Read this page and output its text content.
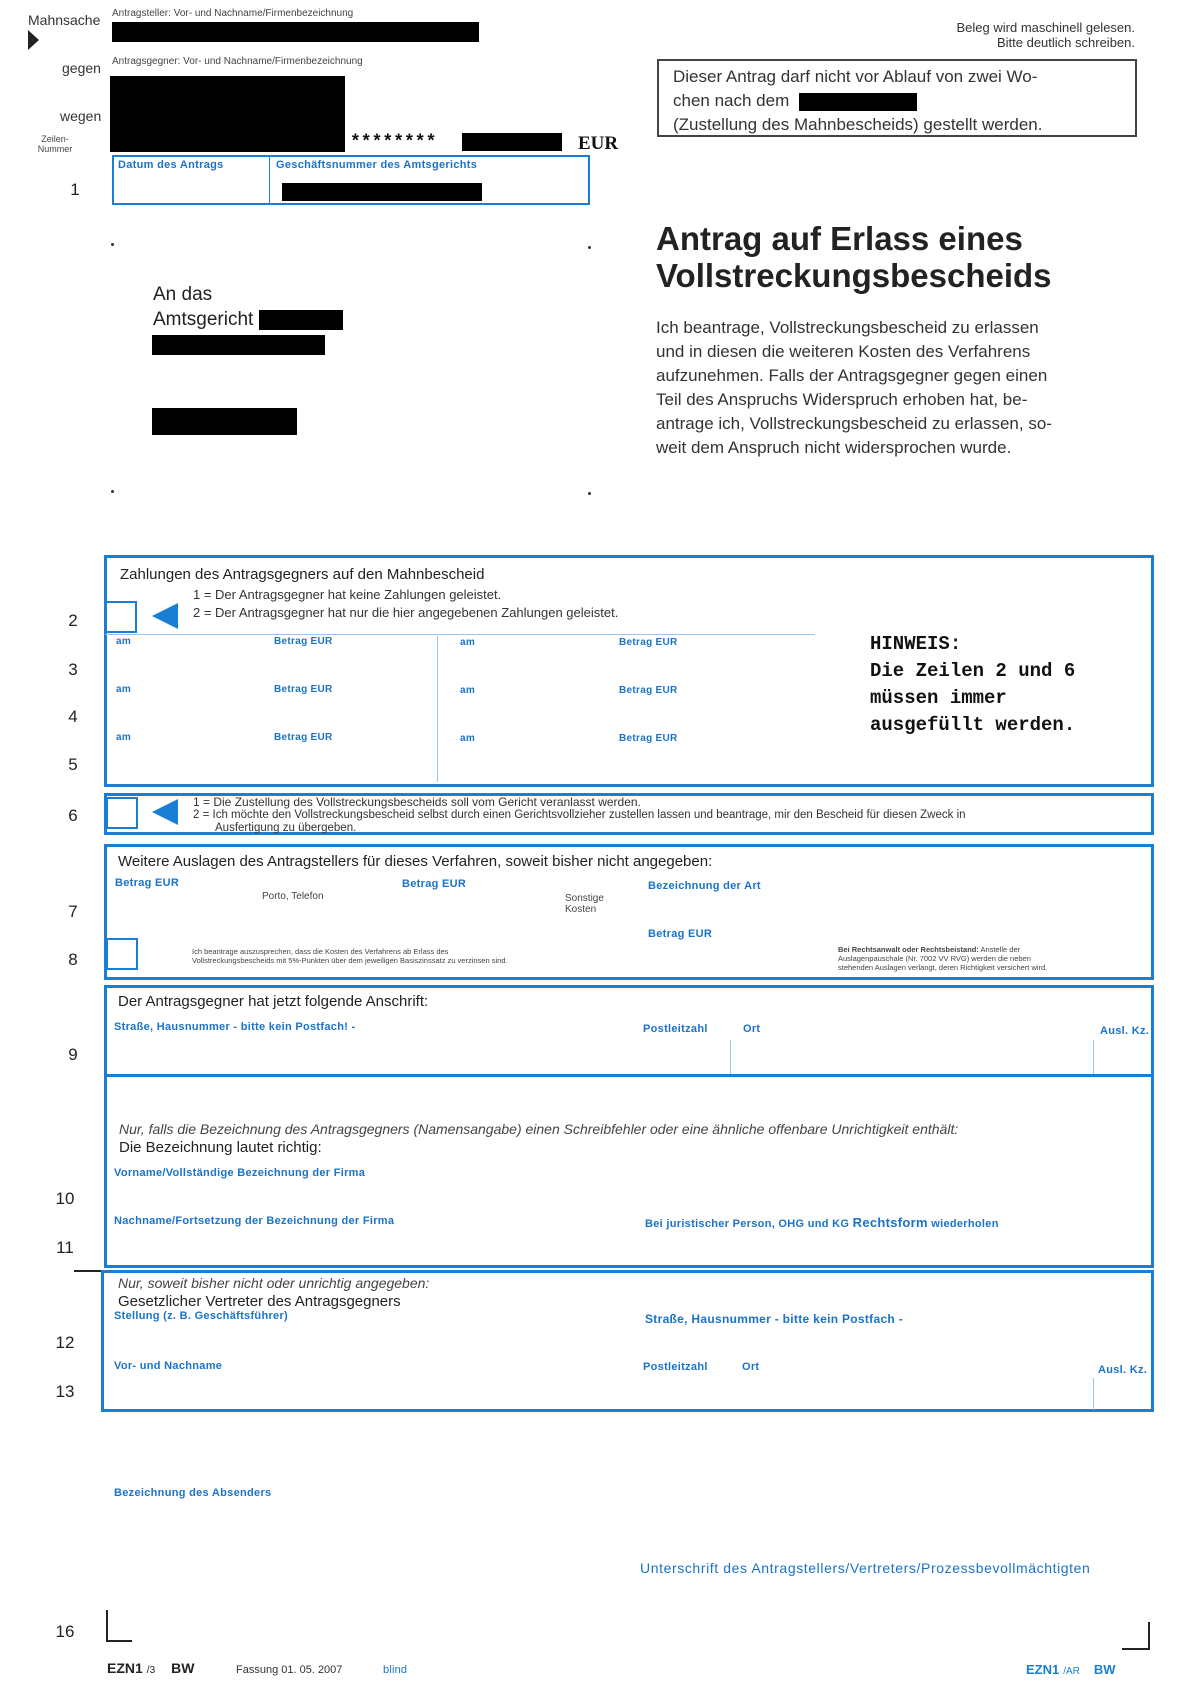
Mahnsache Antragsteller: Vor- und Nachname/Firmenbezeichnung
gegen Antragsgegner: Vor- und Nachname/Firmenbezeichnung
wegen
********	EUR
Zeilen-
Nummer
Beleg wird maschinell gelesen.
Bitte deutlich schreiben.
Dieser Antrag darf nicht vor Ablauf von zwei Wo-
chen nach dem
(Zustellung des Mahnbescheids) gestellt werden.
1
Datum des Antrags	Geschäftsnummer des Amtsgerichts
An das
Amtsgericht
Antrag auf Erlass eines
Vollstreckungsbescheids
Ich beantrage, Vollstreckungsbescheid zu erlassen
und in diesen die weiteren Kosten des Verfahrens
aufzunehmen. Falls der Antragsgegner gegen einen
Teil des Anspruchs Widerspruch erhoben hat, be-
antrage ich, Vollstreckungsbescheid zu erlassen, so-
weit dem Anspruch nicht widersprochen wurde.
Zahlungen des Antragsgegners auf den Mahnbescheid
1 = Der Antragsgegner hat keine Zahlungen geleistet.
2 = Der Antragsgegner hat nur die hier angegebenen Zahlungen geleistet.
2
3
4
5
am	Betrag EUR	am	Betrag EUR
am	Betrag EUR	am	Betrag EUR
am	Betrag EUR	am	Betrag EUR
HINWEIS:
Die Zeilen 2 und 6
müssen immer
ausgefüllt werden.
6
1 = Die Zustellung des Vollstreckungsbescheids soll vom Gericht veranlasst werden.
2 = Ich möchte den Vollstreckungsbescheid selbst durch einen Gerichtsvollzieher zustellen lassen und beantrage, mir den Bescheid für diesen Zweck in
Ausfertigung zu übergeben.
Weitere Auslagen des Antragstellers für dieses Verfahren, soweit bisher nicht angegeben:
Betrag EUR
Porto, Telefon
Betrag EUR
Sonstige
Kosten
Bezeichnung der Art
Betrag EUR
7
8	Ich beantrage auszusprechen, dass die Kosten des Verfahrens ab Erlass des
Vollstreckungsbescheids mit 5%-Punkten über dem jeweiligen Basiszinssatz zu verzinsen sind.
Bei Rechtsanwalt oder Rechtsbeistand: Anstelle der
Auslagenpauschale (Nr. 7002 VV RVG) werden die neben
stehenden Auslagen verlangt, deren Richtigkeit versichert wird.
Der Antragsgegner hat jetzt folgende Anschrift:
Straße, Hausnummer - bitte kein Postfach! -	Postleitzahl	Ort	Ausl. Kz.
9
Nur, falls die Bezeichnung des Antragsgegners (Namensangabe) einen Schreibfehler oder eine ähnliche offenbare Unrichtigkeit enthält:
Die Bezeichnung lautet richtig:
Vorname/Vollständige Bezeichnung der Firma
Nachname/Fortsetzung der Bezeichnung der Firma	Bei juristischer Person, OHG und KG Rechtsform wiederholen
10
11
Nur, soweit bisher nicht oder unrichtig angegeben:
Gesetzlicher Vertreter des Antragsgegners
Stellung (z. B. Geschäftsführer)	Straße, Hausnummer - bitte kein Postfach -
Vor- und Nachname	Postleitzahl	Ort	Ausl. Kz.
12
13
Bezeichnung des Absenders
Unterschrift des Antragstellers/Vertreters/Prozessbevollmächtigten
16
EZN1 /3 BW	Fassung 01. 05. 2007	blind	EZN1 /AR BW
